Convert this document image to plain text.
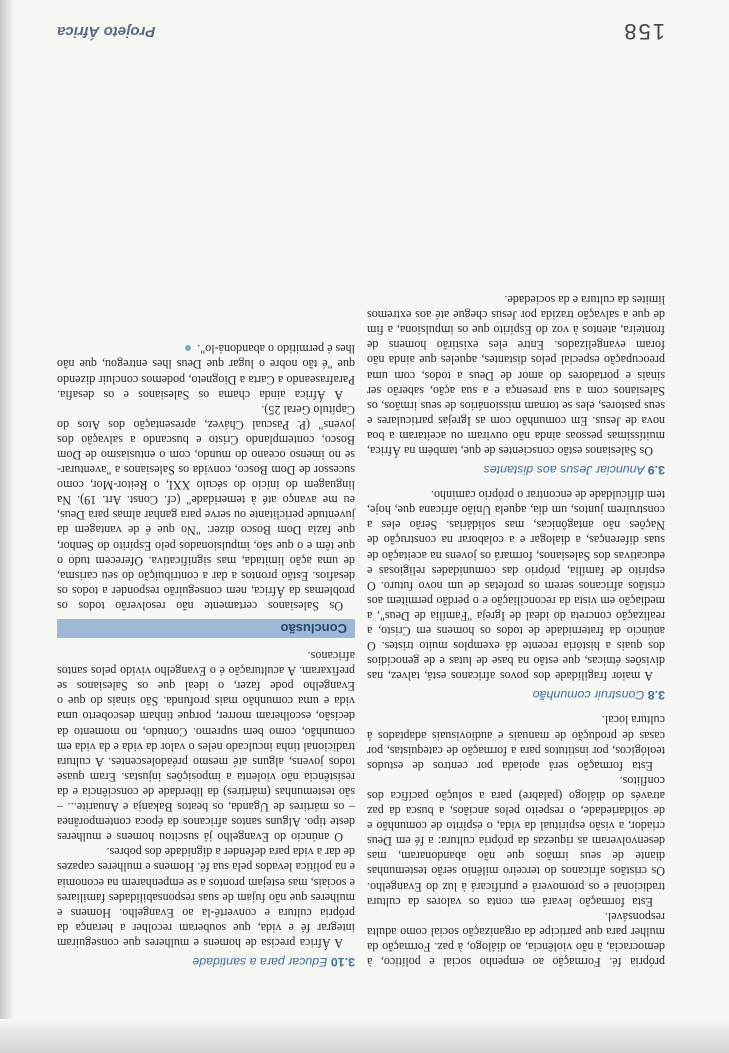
própria fé. Formação ao empenho social e político, à democracia, à não violência, ao diálogo, à paz. Formação da mulher para que participe da organização social como adulta responsável.

Esta formação levará em conta os valores da cultura tradicional e os promoverá e purificará à luz do Evangelho. Os cristãos africanos do terceiro milênio serão testemunhas diante de seus irmãos que não abandonaram, mas desenvolveram as riquezas da própria cultura: a fé em Deus criador, a visão espiritual da vida, o espírito de comunhão e de solidariedade, o respeito pelos anciãos, a busca da paz através do diálogo (palabre) para a solução pacífica dos conflitos.

Esta formação será apoiada por centros de estudos teológicos, por institutos para a formação de catequistas, por casas de produção de manuais e audiovisuais adaptados à cultura local.

3.8 Construir comunhão

A maior fragilidade dos povos africanos está, talvez, nas divisões étnicas, que estão na base de lutas e de genocídios dos quais a história recente dá exemplos muito tristes. O anúncio da fraternidade de todos os homens em Cristo, a realização concreta do ideal de Igreja "Família de Deus", a mediação em vista da reconciliação e o perdão permitem aos cristãos africanos serem os profetas de um novo futuro. O espírito de família, próprio das comunidades religiosas e educativas dos Salesianos, formará os jovens na aceitação de suas diferenças, a dialogar e a colaborar na construção de Nações não antagônicas, mas solidárias. Serão eles a construírem juntos, um dia, aquela União africana que, hoje, tem dificuldade de encontrar o próprio caminho.

3.9 Anunciar Jesus aos distantes

Os Salesianos estão conscientes de que, também na África, muitíssimas pessoas ainda não ouviram ou aceitaram a boa nova de Jesus. Em comunhão com as Igrejas particulares e seus pastores, eles se tornam missionários de seus irmãos, os Salesianos com a sua presença e a sua ação, saberão ser sinais e portadores do amor de Deus a todos, com uma preocupação especial pelos distantes, aqueles que ainda não foram evangelizados. Entre eles existirão homens de fronteira, atentos à voz do Espírito que os impulsiona, a fim de que a salvação trazida por Jesus chegue até aos extremos limites da cultura e da sociedade.

3.10 Educar para a santidade

A África precisa de homens e mulheres que conseguiram integrar fé e vida, que souberam recolher a herança da própria cultura e convertê-la ao Evangelho. Homens e mulheres que não fujam de suas responsabilidades familiares e sociais, mas estejam prontos a se empenharem na economia e na política levados pela sua fé. Homens e mulheres capazes de dar a vida para defender a dignidade dos pobres.

O anúncio do Evangelho já suscitou homens e mulheres deste tipo. Alguns santos africanos da época contemporânea – os mártires de Uganda, os beatos Bakanja e Anuarite... – são testemunhas (mártires) da liberdade de consciência e da resistência não violenta a imposições injustas. Eram quase todos jovens, alguns até mesmo préadolescentes. A cultura tradicional tinha inculcado neles o valor da vida e da vida em comunhão, como bem supremo. Contudo, no momento da decisão, escolheram morrer, porque tinham descoberto uma vida e uma comunhão mais profunda. São sinais do que o Evangelho pode fazer, o ideal que os Salesianos se prefixaram. A aculturação é o Evangelho vivido pelos santos africanos.

Conclusão

Os Salesianos certamente não resolverão todos os problemas da África, nem conseguirão responder a todos os desafios. Estão prontos a dar a contribuição do seu carisma, de uma ação limitada, mas significativa. Oferecem tudo o que têm e o que são, impulsionados pelo Espírito do Senhor, que fazia Dom Bosco dizer: "No que é de vantagem da juventude periclitante ou serve para ganhar almas para Deus, eu me avanço até à temeridade" (cf. Const. Art. 19). Na linguagem do início do século XXI, o Reitor-Mor, como sucessor de Dom Bosco, convida os Salesianos a "aventurar-se no imenso oceano do mundo, com o entusiasmo de Dom Bosco, contemplando Cristo e buscando a salvação dos jovens" (P. Pascual Chávez, apresentação dos Atos do Capítulo Geral 25).

A África ainda chama os Salesianos e os desafia. Parafraseando a Carta a Diogneto, podemos concluir dizendo que "é tão nobre o lugar que Deus lhes entregou, que não lhes é permitido o abandoná-lo".

158
Projeto África
